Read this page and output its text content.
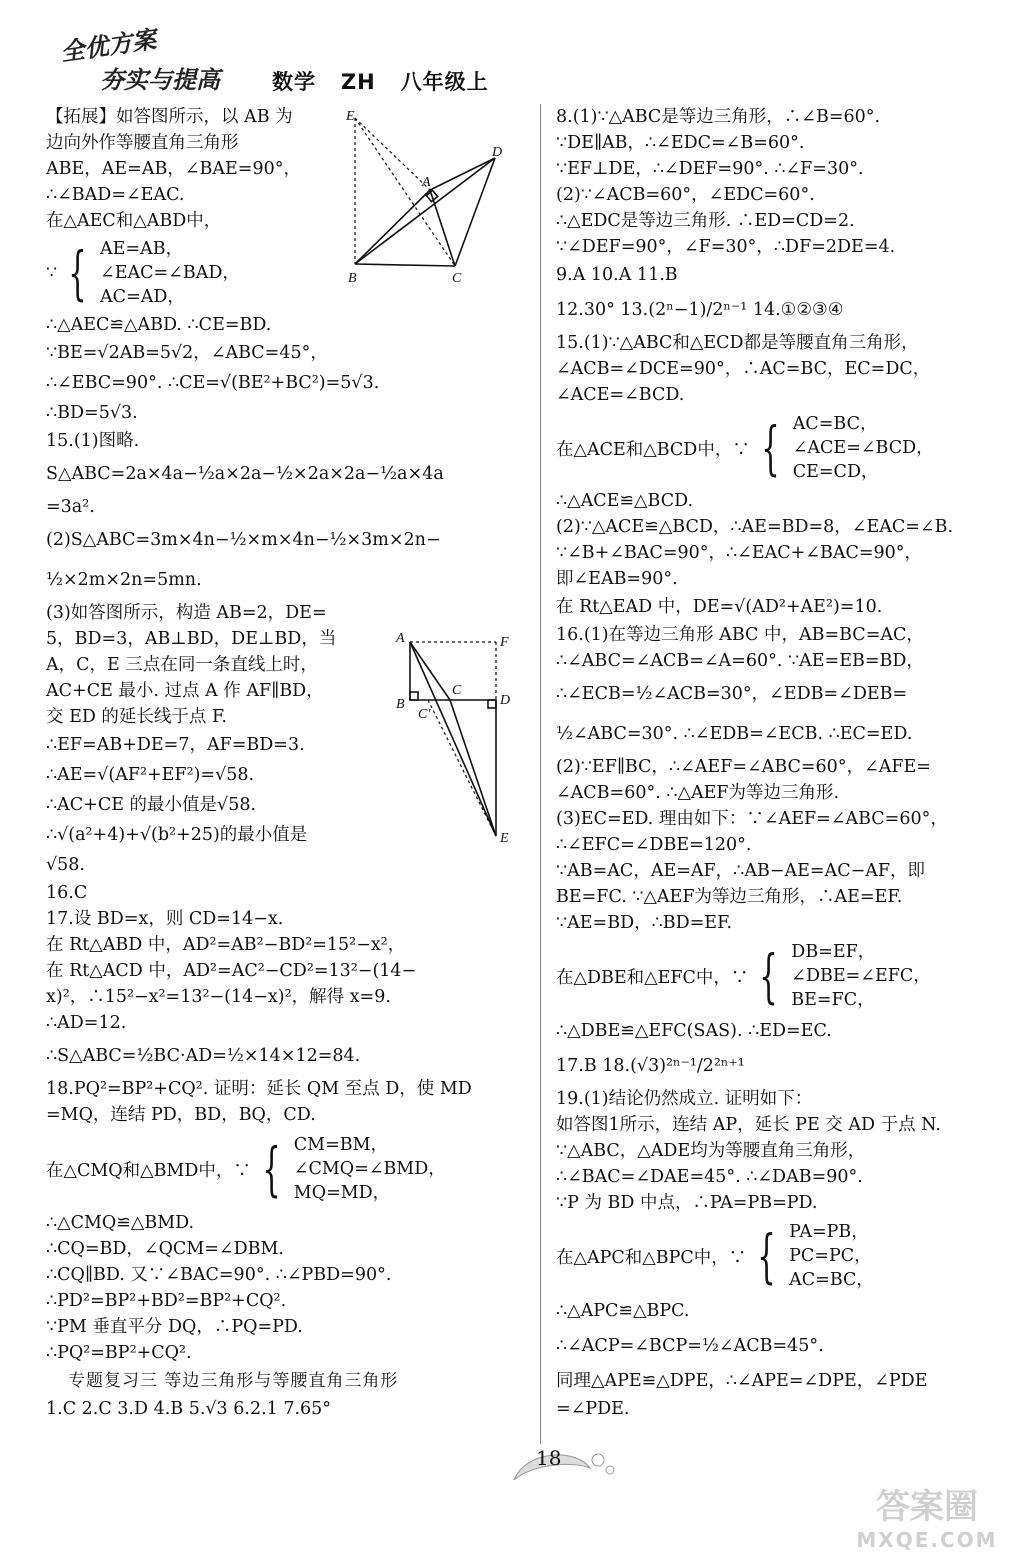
全优方案
夯实与提高 数学   ZH   八年级上
【拓展】如答图所示，以 AB 为
边向外作等腰直角三角形
ABE，AE=AB，∠BAE=90°，
∴∠BAD=∠EAC.
在△AEC和△ABD中，
∵ { AE=AB，
∠EAC=∠BAD，
AC=AD，
∴△AEC≌△ABD. ∴CE=BD.
∵BE=√2AB=5√2，∠ABC=45°，
∴∠EBC=90°. ∴CE=√(BE²+BC²)=5√3.
∴BD=5√3.
15.(1)图略.
S△ABC=2a×4a−½a×2a−½×2a×2a−½a×4a
=3a².
(2)S△ABC=3m×4n−½×m×4n−½×3m×2n−
½×2m×2n=5mn.
(3)如答图所示，构造 AB=2，DE=
5，BD=3，AB⊥BD，DE⊥BD，当
A，C，E 三点在同一条直线上时，
AC+CE 最小. 过点 A 作 AF∥BD，
交 ED 的延长线于点 F.
∴EF=AB+DE=7，AF=BD=3.
∴AE=√(AF²+EF²)=√58.
∴AC+CE 的最小值是√58.
∴√(a²+4)+√(b²+25)的最小值是
√58.
16.C
17.设 BD=x，则 CD=14−x.
在 Rt△ABD 中，AD²=AB²−BD²=15²−x²，
在 Rt△ACD 中，AD²=AC²−CD²=13²−(14−
x)²，∴15²−x²=13²−(14−x)²，解得 x=9.
∴AD=12.
∴S△ABC=½BC·AD=½×14×12=84.
18.PQ²=BP²+CQ². 证明：延长 QM 至点 D，使 MD
=MQ，连结 PD，BD，BQ，CD.
在△CMQ和△BMD中，∵ { CM=BM，
∠CMQ=∠BMD，
MQ=MD，
∴△CMQ≌△BMD.
∴CQ=BD，∠QCM=∠DBM.
∴CQ∥BD. 又∵∠BAC=90°. ∴∠PBD=90°.
∴PD²=BP²+BD²=BP²+CQ².
∵PM 垂直平分 DQ，∴PQ=PD.
∴PQ²=BP²+CQ².
专题复习三 等边三角形与等腰直角三角形
1.C 2.C 3.D 4.B 5.√3 6.2.1 7.65°
E
D
A
B	C
A	F
C
B
C'
D
E
8.(1)∵△ABC是等边三角形，∴∠B=60°.
∵DE∥AB，∴∠EDC=∠B=60°.
∵EF⊥DE，∴∠DEF=90°. ∴∠F=30°.
(2)∵∠ACB=60°，∠EDC=60°.
∴△EDC是等边三角形. ∴ED=CD=2.
∵∠DEF=90°，∠F=30°，∴DF=2DE=4.
9.A 10.A 11.B
12.30° 13.(2ⁿ−1)/2ⁿ⁻¹ 14.①②③④
15.(1)∵△ABC和△ECD都是等腰直角三角形，
∠ACB=∠DCE=90°，∴AC=BC，EC=DC，
∠ACE=∠BCD.
在△ACE和△BCD中，∵ { AC=BC，
∠ACE=∠BCD，
CE=CD，
∴△ACE≌△BCD.
(2)∵△ACE≌△BCD，∴AE=BD=8，∠EAC=∠B.
∵∠B+∠BAC=90°，∴∠EAC+∠BAC=90°，
即∠EAB=90°.
在 Rt△EAD 中，DE=√(AD²+AE²)=10.
16.(1)在等边三角形 ABC 中，AB=BC=AC，
∴∠ABC=∠ACB=∠A=60°. ∵AE=EB=BD，
∴∠ECB=½∠ACB=30°，∠EDB=∠DEB=
½∠ABC=30°. ∴∠EDB=∠ECB. ∴EC=ED.
(2)∵EF∥BC，∴∠AEF=∠ABC=60°，∠AFE=
∠ACB=60°. ∴△AEF为等边三角形.
(3)EC=ED. 理由如下：∵∠AEF=∠ABC=60°，
∴∠EFC=∠DBE=120°.
∵AB=AC，AE=AF，∴AB−AE=AC−AF，即
BE=FC. ∵△AEF为等边三角形，∴AE=EF.
∵AE=BD，∴BD=EF.
在△DBE和△EFC中，∵ { DB=EF，
∠DBE=∠EFC，
BE=FC，
∴△DBE≌△EFC(SAS). ∴ED=EC.
17.B 18.(√3)²ⁿ⁻¹/2²ⁿ⁺¹
19.(1)结论仍然成立. 证明如下：
如答图1所示，连结 AP，延长 PE 交 AD 于点 N.
∵△ABC，△ADE均为等腰直角三角形，
∴∠BAC=∠DAE=45°. ∴∠DAB=90°.
∵P 为 BD 中点，∴PA=PB=PD.
在△APC和△BPC中，∵ { PA=PB，
PC=PC，
AC=BC，
∴△APC≌△BPC.
∴∠ACP=∠BCP=½∠ACB=45°.
同理△APE≌△DPE，∴∠APE=∠DPE，∠PDE
=∠PDE.
18
答案圈
MXQE.COM
